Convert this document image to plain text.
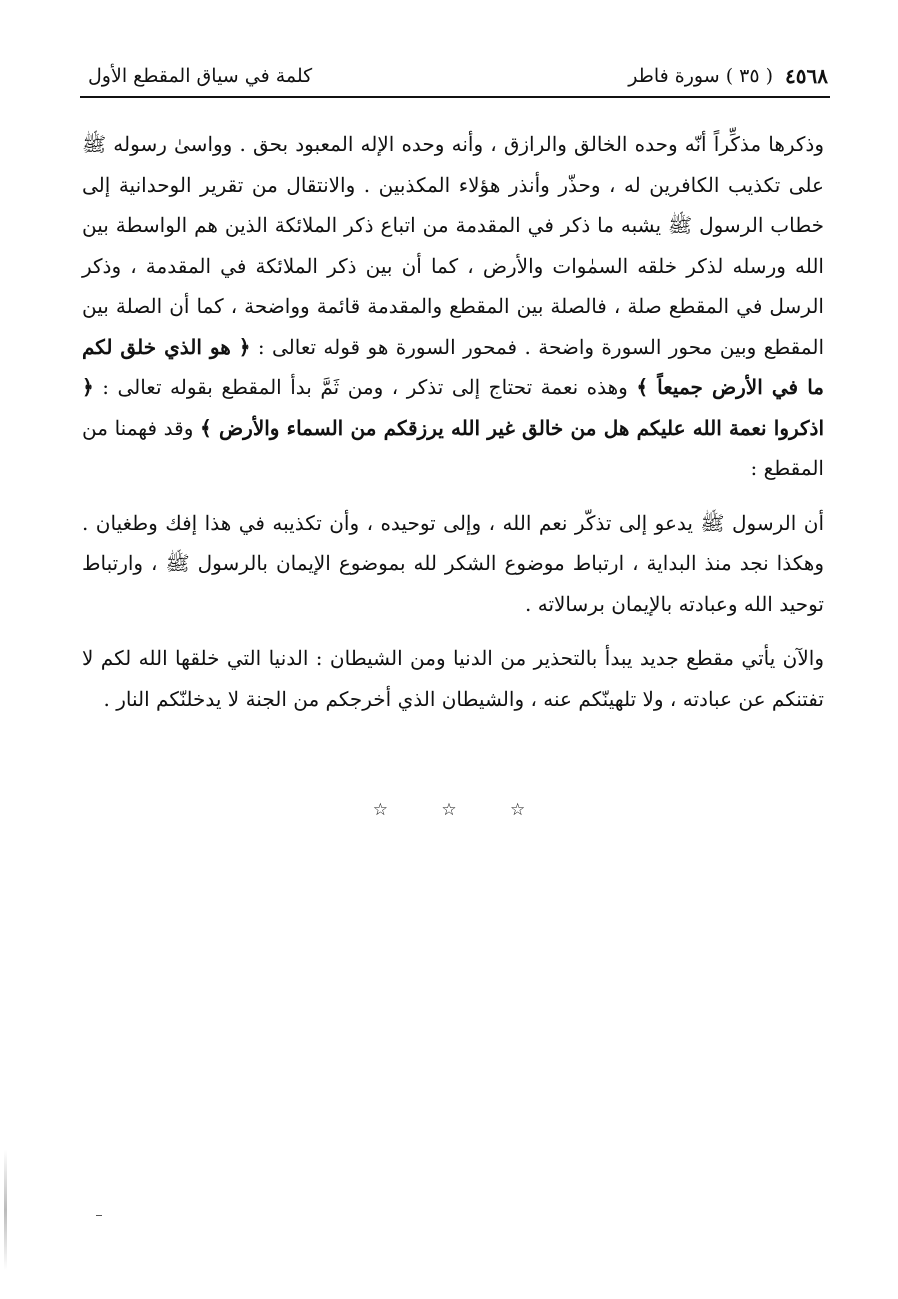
٤٥٦٨
( ٣٥ ) سورة فاطر
كلمة في سياق المقطع الأول

وذكرها مذكِّراً أنّه وحده الخالق والرازق ، وأنه وحده الإله المعبود بحق . وواسىٰ رسوله ﷺ على تكذيب الكافرين له ، وحذّر وأنذر هؤلاء المكذبين . والانتقال من تقرير الوحدانية إلى خطاب الرسول ﷺ يشبه ما ذكر في المقدمة من اتباع ذكر الملائكة الذين هم الواسطة بين الله ورسله لذكر خلقه السمٰوات والأرض ، كما أن بين ذكر الملائكة في المقدمة ، وذكر الرسل في المقطع صلة ، فالصلة بين المقطع والمقدمة قائمة وواضحة ، كما أن الصلة بين المقطع وبين محور السورة واضحة . فمحور السورة هو قوله تعالى : ﴿ هو الذي خلق لكم ما في الأرض جميعاً ﴾ وهذه نعمة تحتاج إلى تذكر ، ومن ثَمَّ بدأ المقطع بقوله تعالى : ﴿ اذكروا نعمة الله عليكم هل من خالق غير الله يرزقكم من السماء والأرض ﴾ وقد فهمنا من المقطع :

أن الرسول ﷺ يدعو إلى تذكّر نعم الله ، وإلى توحيده ، وأن تكذيبه في هذا إفك وطغيان . وهكذا نجد منذ البداية ، ارتباط موضوع الشكر لله بموضوع الإيمان بالرسول ﷺ ، وارتباط توحيد الله وعبادته بالإيمان برسالاته .

والآن يأتي مقطع جديد يبدأ بالتحذير من الدنيا ومن الشيطان : الدنيا التي خلقها الله لكم لا تفتنكم عن عبادته ، ولا تلهينّكم عنه ، والشيطان الذي أخرجكم من الجنة لا يدخلنّكم النار .

☆	☆	☆
